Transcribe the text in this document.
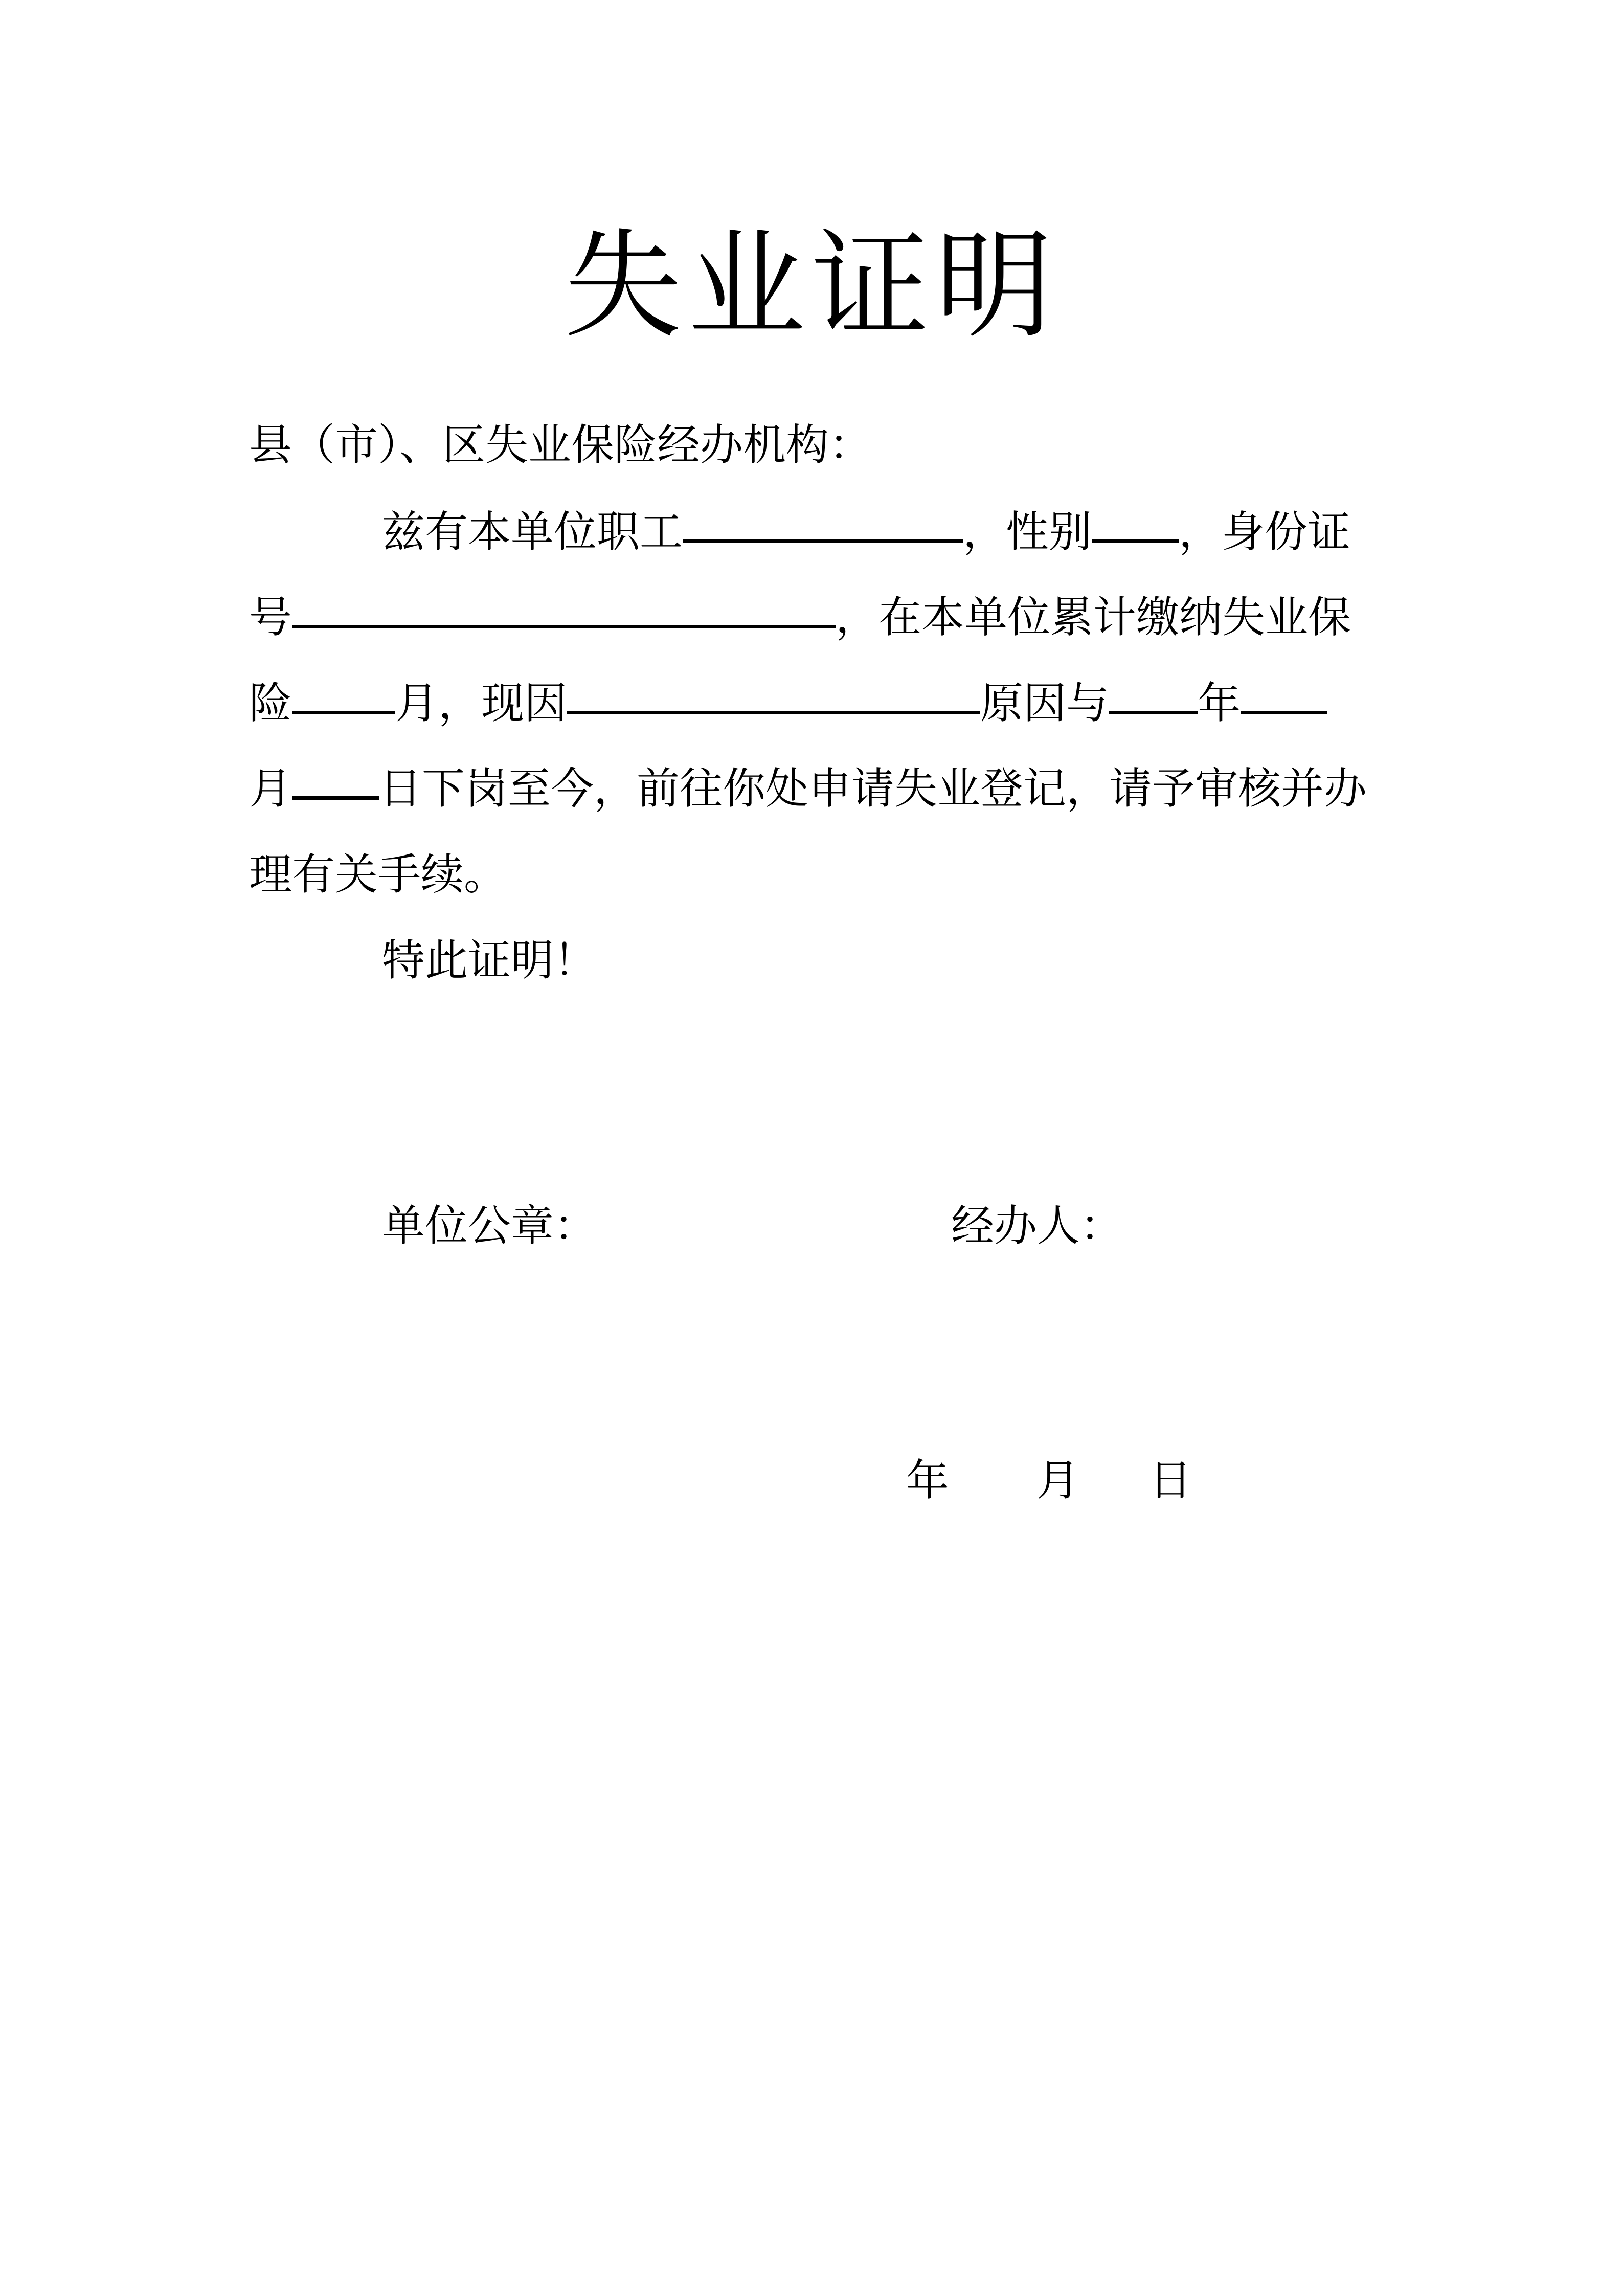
失业证明
县（市）、区失业保险经办机构：
兹有本单位职工	，性别 ，身份证
号	，在本单位累计缴纳失业保
险 月，现因	原因与 年
月 日下岗至今，前往你处申请失业登记，请予审核并办
理有关手续。
特此证明！
单位公章：	经办人：
年 月 日
